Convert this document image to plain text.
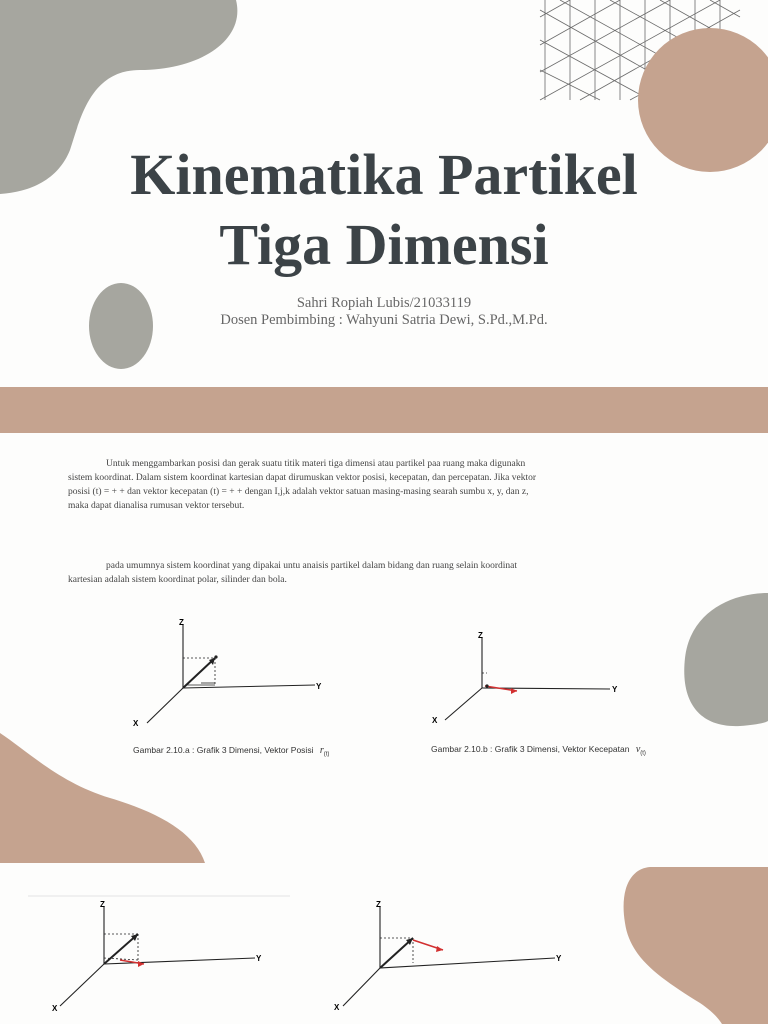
Kinematika Partikel
Tiga Dimensi
Sahri Ropiah Lubis/21033119
Dosen Pembimbing : Wahyuni Satria Dewi, S.Pd.,M.Pd.
Untuk menggambarkan posisi dan gerak suatu titik materi tiga dimensi atau partikel paa ruang maka digunakn
sistem koordinat. Dalam sistem koordinat kartesian dapat dirumuskan vektor posisi, kecepatan, dan percepatan. Jika vektor
posisi (t) = + + dan vektor kecepatan (t) = + + dengan I,j,k adalah vektor satuan masing-masing searah sumbu x, y, dan z,
maka dapat dianalisa rumusan vektor tersebut.
pada umumnya sistem koordinat yang dipakai untu anaisis partikel dalam bidang dan ruang selain koordinat
kartesian adalah sistem koordinat polar, silinder dan bola.
Z
Y
X
Gambar 2.10.a : Grafik 3 Dimensi, Vektor Posisi $r_{(t)}$
Z
Y
X
Gambar 2.10.b : Grafik 3 Dimensi, Vektor Kecepatan $v_{(t)}$
Z
Y
X
Z
Y
X
